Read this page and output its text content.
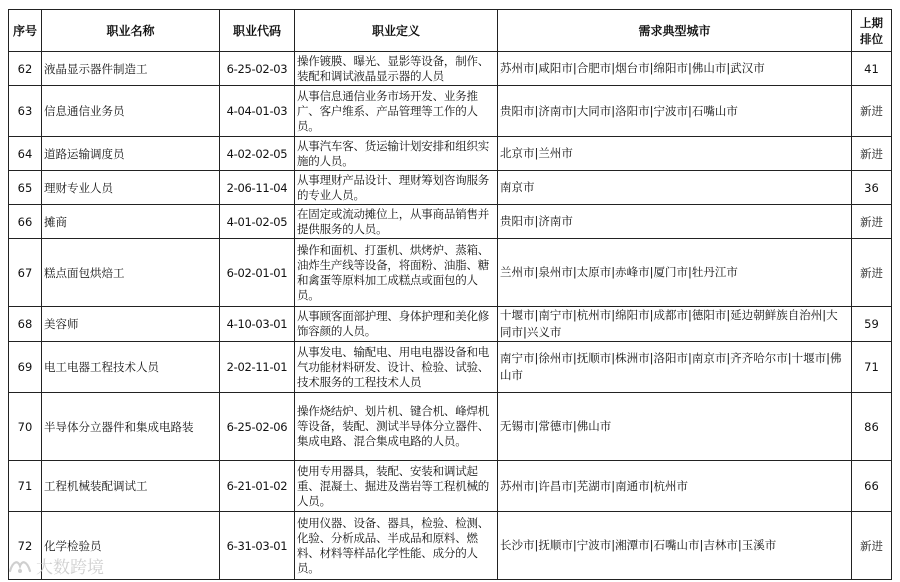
序号	职业名称	职业代码	职业定义	需求典型城市	上期排位
62	液晶显示器件制造工	6-25-02-03	操作镀膜、曝光、显影等设备，制作、装配和调试液晶显示器的人员	苏州市|咸阳市|合肥市|烟台市|绵阳市|佛山市|武汉市	41
63	信息通信业务员	4-04-01-03	从事信息通信业务市场开发、业务推广、客户维系、产品管理等工作的人员。	贵阳市|济南市|大同市|洛阳市|宁波市|石嘴山市	新进
64	道路运输调度员	4-02-02-05	从事汽车客、货运输计划安排和组织实施的人员。	北京市|兰州市	新进
65	理财专业人员	2-06-11-04	从事理财产品设计、理财筹划咨询服务的专业人员。	南京市	36
66	摊商	4-01-02-05	在固定或流动摊位上，从事商品销售并提供服务的人员。	贵阳市|济南市	新进
67	糕点面包烘焙工	6-02-01-01	操作和面机、打蛋机、烘烤炉、蒸箱、油炸生产线等设备，将面粉、油脂、糖和禽蛋等原料加工成糕点或面包的人员。	兰州市|泉州市|太原市|赤峰市|厦门市|牡丹江市	新进
68	美容师	4-10-03-01	从事顾客面部护理、身体护理和美化修饰容颜的人员。	十堰市|南宁市|杭州市|绵阳市|成都市|德阳市|延边朝鲜族自治州|大同市|兴义市	59
69	电工电器工程技术人员	2-02-11-01	从事发电、输配电、用电电器设备和电气功能材料研发、设计、检验、试验、技术服务的工程技术人员	南宁市|徐州市|抚顺市|株洲市|洛阳市|南京市|齐齐哈尔市|十堰市|佛山市	71
70	半导体分立器件和集成电路装	6-25-02-06	操作烧结炉、划片机、键合机、峰焊机等设备，装配、测试半导体分立器件、集成电路、混合集成电路的人员。	无锡市|常德市|佛山市	86
71	工程机械装配调试工	6-21-01-02	使用专用器具，装配、安装和调试起重、混凝土、掘进及凿岩等工程机械的人员。	苏州市|许昌市|芜湖市|南通市|杭州市	66
72	化学检验员	6-31-03-01	使用仪器、设备、器具，检验、检测、化验、分析成品、半成品和原料、燃料、材料等样品化学性能、成分的人员。	长沙市|抚顺市|宁波市|湘潭市|石嘴山市|吉林市|玉溪市	新进
大数跨境
